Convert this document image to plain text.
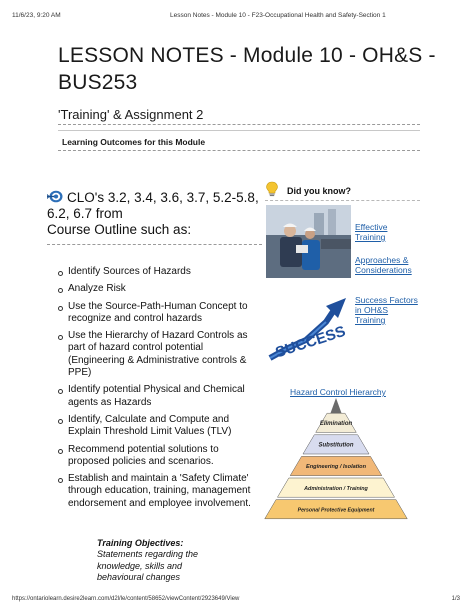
11/6/23, 9:20 AM	Lesson Notes - Module 10 - F23-Occupational Health and Safety-Section 1
LESSON NOTES - Module 10 - OH&S - BUS253
'Training' & Assignment 2
Learning Outcomes for this Module
CLO's 3.2, 3.4, 3.6, 3.7, 5.2-5.8, 6.2, 6.7 from
Course Outline such as:
Identify Sources of Hazards
Analyze Risk
Use the Source-Path-Human Concept to recognize and control hazards
Use the Hierarchy of Hazard Controls as part of hazard control potential (Engineering & Administrative controls & PPE)
Identify potential Physical and Chemical agents as Hazards
Identify, Calculate and Compute and Explain Threshold Limit Values (TLV)
Recommend potential solutions to proposed policies and scenarios.
Establish and maintain a 'Safety Climate' through education, training, management endorsement and employee involvement.
Training Objectives: Statements regarding the knowledge, skills and behavioural changes
Did you know?
SUCCESS
Effective Training
Approaches & Considerations
Success Factors in OH&S Training
Hazard Control Hierarchy
Elimination
Substitution
Engineering / Isolation
Administration / Training
Personal Protective Equipment
https://ontariolearn.desire2learn.com/d2l/le/content/58652/viewContent/2923649/View	1/3
